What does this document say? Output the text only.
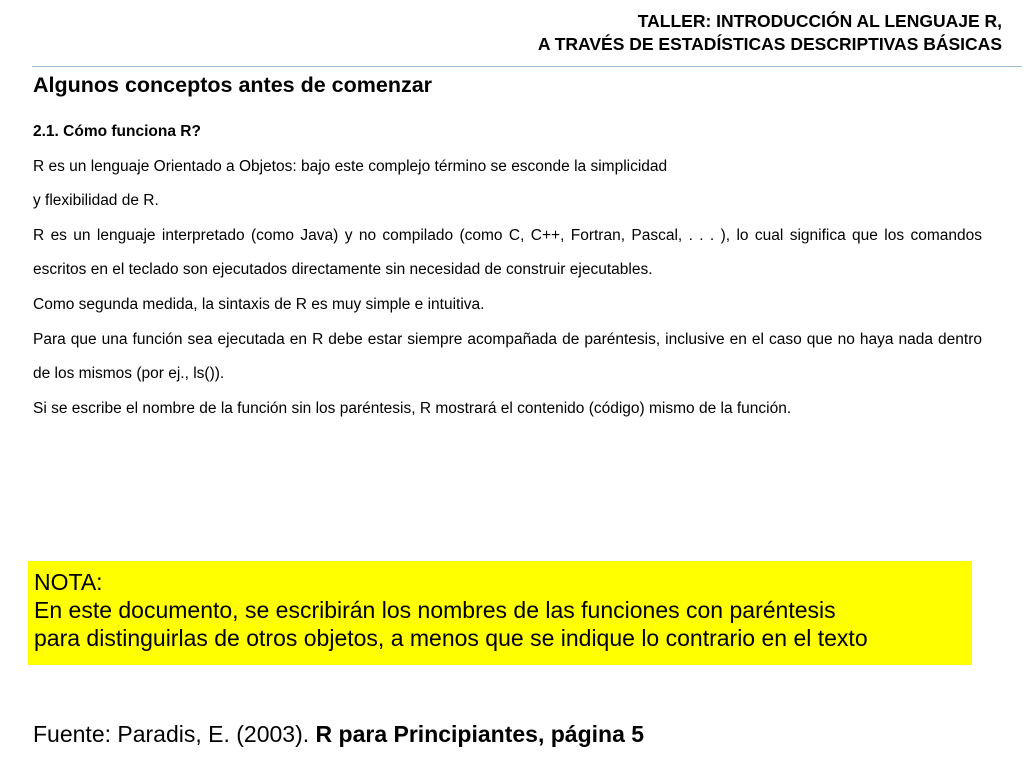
TALLER: INTRODUCCIÓN AL LENGUAJE R,
A TRAVÉS DE ESTADÍSTICAS DESCRIPTIVAS BÁSICAS
Algunos conceptos antes de comenzar

2.1. Cómo funciona R?

R es un lenguaje Orientado a Objetos: bajo este complejo término se esconde la simplicidad

y flexibilidad de R.

R es un lenguaje interpretado (como Java) y no compilado (como C, C++, Fortran, Pascal, . . . ), lo cual significa que los comandos escritos en el teclado son ejecutados directamente sin necesidad de construir ejecutables.

Como segunda medida, la sintaxis de R es muy simple e intuitiva.

Para que una función sea ejecutada en R debe estar siempre acompañada de paréntesis, inclusive en el caso que no haya nada dentro de los mismos (por ej., ls()).

Si se escribe el nombre de la función sin los paréntesis, R mostrará el contenido (código) mismo de la función.

NOTA:
En este documento, se escribirán los nombres de las funciones con paréntesis
para distinguirlas de otros objetos, a menos que se indique lo contrario en el texto
Fuente: Paradis, E. (2003). R para Principiantes, página 5
